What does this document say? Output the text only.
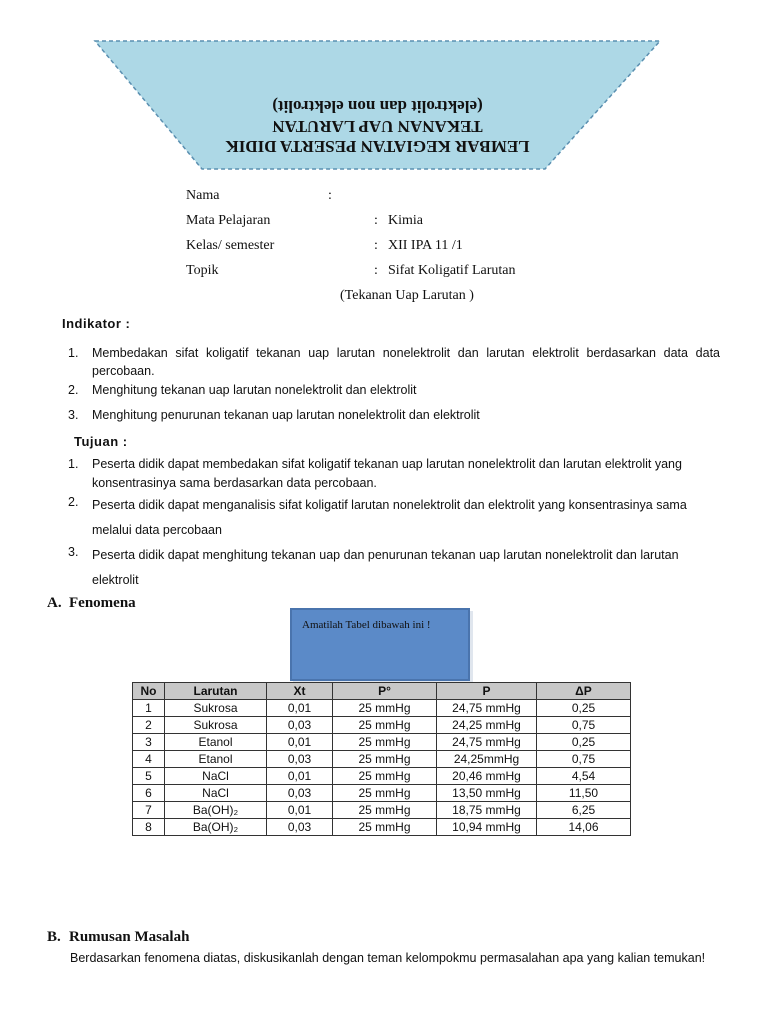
LEMBAR KEGIATAN PESERTA DIDIK
TEKANAN UAP LARUTAN
(elektrolit dan non elektrolit)
Nama	:
Mata Pelajaran	: Kimia
Kelas/ semester	: XII IPA 11 /1
Topik	: Sifat Koligatif Larutan
(Tekanan Uap Larutan )
Indikator :
1. Membedakan sifat koligatif tekanan uap larutan nonelektrolit dan larutan elektrolit berdasarkan data data percobaan.
2. Menghitung tekanan uap larutan nonelektrolit dan elektrolit
3. Menghitung penurunan tekanan uap larutan nonelektrolit dan elektrolit
Tujuan :
1. Peserta didik dapat membedakan sifat koligatif tekanan uap larutan nonelektrolit dan larutan elektrolit yang konsentrasinya sama berdasarkan data percobaan.
2. Peserta didik dapat menganalisis sifat koligatif larutan nonelektrolit dan elektrolit yang konsentrasinya sama melalui data percobaan
3. Peserta didik dapat menghitung tekanan uap dan penurunan tekanan uap larutan nonelektrolit dan larutan elektrolit
A. Fenomena
Amatilah Tabel dibawah ini !
No	Larutan	Xt	P°	P	ΔP
1	Sukrosa	0,01	25 mmHg	24,75 mmHg	0,25
2	Sukrosa	0,03	25 mmHg	24,25 mmHg	0,75
3	Etanol	0,01	25 mmHg	24,75 mmHg	0,25
4	Etanol	0,03	25 mmHg	24,25mmHg	0,75
5	NaCl	0,01	25 mmHg	20,46 mmHg	4,54
6	NaCl	0,03	25 mmHg	13,50 mmHg	11,50
7	Ba(OH)₂	0,01	25 mmHg	18,75 mmHg	6,25
8	Ba(OH)₂	0,03	25 mmHg	10,94 mmHg	14,06
B. Rumusan Masalah
Berdasarkan fenomena diatas, diskusikanlah dengan teman kelompokmu permasalahan apa yang kalian temukan!
